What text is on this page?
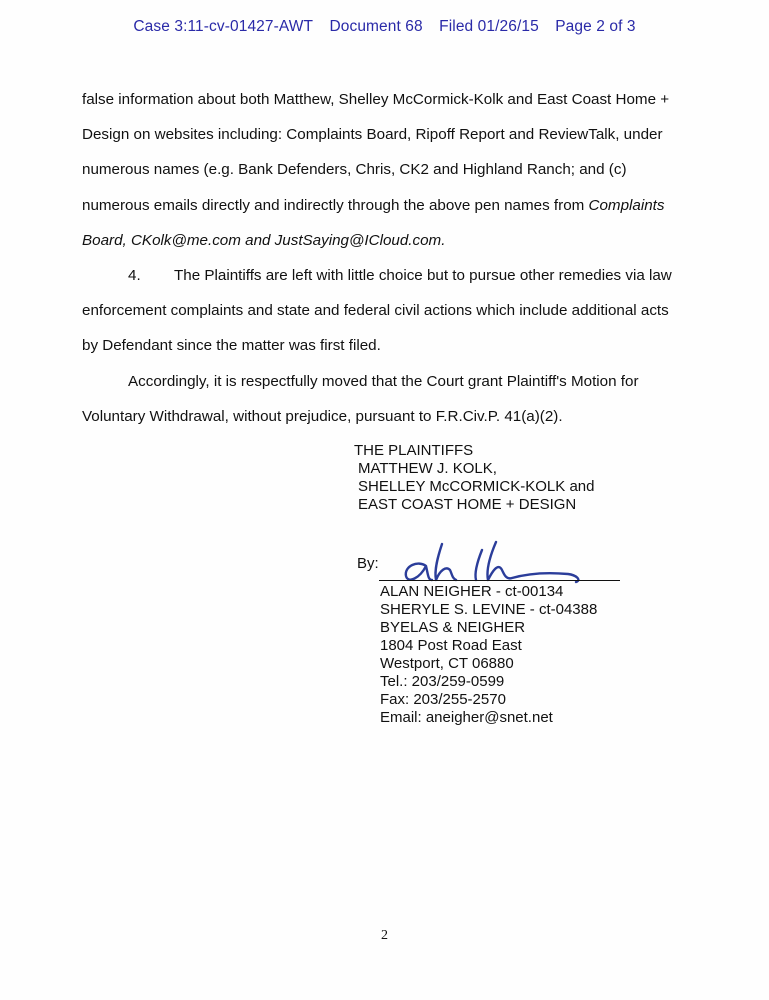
Case 3:11-cv-01427-AWT Document 68 Filed 01/26/15 Page 2 of 3
false information about both Matthew, Shelley McCormick-Kolk and East Coast Home +
Design on websites including: Complaints Board, Ripoff Report and ReviewTalk, under
numerous names (e.g. Bank Defenders, Chris, CK2 and Highland Ranch; and (c)
numerous emails directly and indirectly through the above pen names from Complaints
Board, CKolk@me.com and JustSaying@ICloud.com.
4. The Plaintiffs are left with little choice but to pursue other remedies via law
enforcement complaints and state and federal civil actions which include additional acts
by Defendant since the matter was first filed.
Accordingly, it is respectfully moved that the Court grant Plaintiff's Motion for
Voluntary Withdrawal, without prejudice, pursuant to F.R.Civ.P. 41(a)(2).
THE PLAINTIFFS
MATTHEW J. KOLK,
SHELLEY McCORMICK-KOLK and
EAST COAST HOME + DESIGN
By:
ALAN NEIGHER - ct-00134
SHERYLE S. LEVINE - ct-04388
BYELAS & NEIGHER
1804 Post Road East
Westport, CT 06880
Tel.: 203/259-0599
Fax: 203/255-2570
Email: aneigher@snet.net
2
